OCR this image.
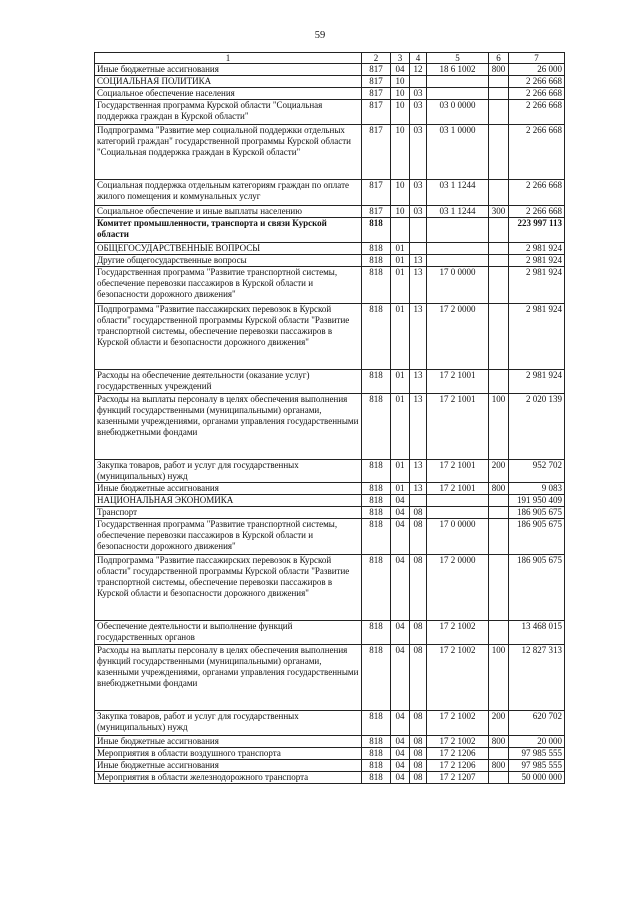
59
1	2	3	4	5	6	7
Иные бюджетные ассигнования	817	04	12	18 6 1002	800	26 000
СОЦИАЛЬНАЯ ПОЛИТИКА	817	10				2 266 668
Социальное обеспечение населения	817	10	03			2 266 668
Государственная программа Курской области "Социальная поддержка граждан в Курской области"	817	10	03	03 0 0000		2 266 668
Подпрограмма "Развитие мер социальной поддержки отдельных категорий граждан" государственной программы Курской области "Социальная поддержка граждан в Курской области"	817	10	03	03 1 0000		2 266 668
Социальная поддержка отдельным категориям граждан по оплате жилого помещения и коммунальных услуг	817	10	03	03 1 1244		2 266 668
Социальное обеспечение и иные выплаты населению	817	10	03	03 1 1244	300	2 266 668
Комитет промышленности, транспорта и связи Курской области	818					223 997 113
ОБЩЕГОСУДАРСТВЕННЫЕ ВОПРОСЫ	818	01				2 981 924
Другие общегосударственные вопросы	818	01	13			2 981 924
Государственная программа "Развитие транспортной системы, обеспечение перевозки пассажиров в Курской области и безопасности дорожного движения"	818	01	13	17 0 0000		2 981 924
Подпрограмма "Развитие пассажирских перевозок в Курской области" государственной программы Курской области "Развитие транспортной системы, обеспечение перевозки пассажиров в Курской области и безопасности дорожного движения"	818	01	13	17 2 0000		2 981 924
Расходы на обеспечение деятельности (оказание услуг) государственных учреждений	818	01	13	17 2 1001		2 981 924
Расходы на выплаты персоналу в целях обеспечения выполнения функций государственными (муниципальными) органами, казенными учреждениями, органами управления государственными внебюджетными фондами	818	01	13	17 2 1001	100	2 020 139
Закупка товаров, работ и услуг для государственных (муниципальных) нужд	818	01	13	17 2 1001	200	952 702
Иные бюджетные ассигнования	818	01	13	17 2 1001	800	9 083
НАЦИОНАЛЬНАЯ ЭКОНОМИКА	818	04				191 950 409
Транспорт	818	04	08			186 905 675
Государственная программа "Развитие транспортной системы, обеспечение перевозки пассажиров в Курской области и безопасности дорожного движения"	818	04	08	17 0 0000		186 905 675
Подпрограмма "Развитие пассажирских перевозок в Курской области" государственной программы Курской области "Развитие транспортной системы, обеспечение перевозки пассажиров в Курской области и безопасности дорожного движения"	818	04	08	17 2 0000		186 905 675
Обеспечение деятельности и выполнение функций государственных органов	818	04	08	17 2 1002		13 468 015
Расходы на выплаты персоналу в целях обеспечения выполнения функций государственными (муниципальными) органами, казенными учреждениями, органами управления государственными внебюджетными фондами	818	04	08	17 2 1002	100	12 827 313
Закупка товаров, работ и услуг для государственных (муниципальных) нужд	818	04	08	17 2 1002	200	620 702
Иные бюджетные ассигнования	818	04	08	17 2 1002	800	20 000
Мероприятия в области воздушного транспорта	818	04	08	17 2 1206		97 985 555
Иные бюджетные ассигнования	818	04	08	17 2 1206	800	97 985 555
Мероприятия в области железнодорожного транспорта	818	04	08	17 2 1207		50 000 000
